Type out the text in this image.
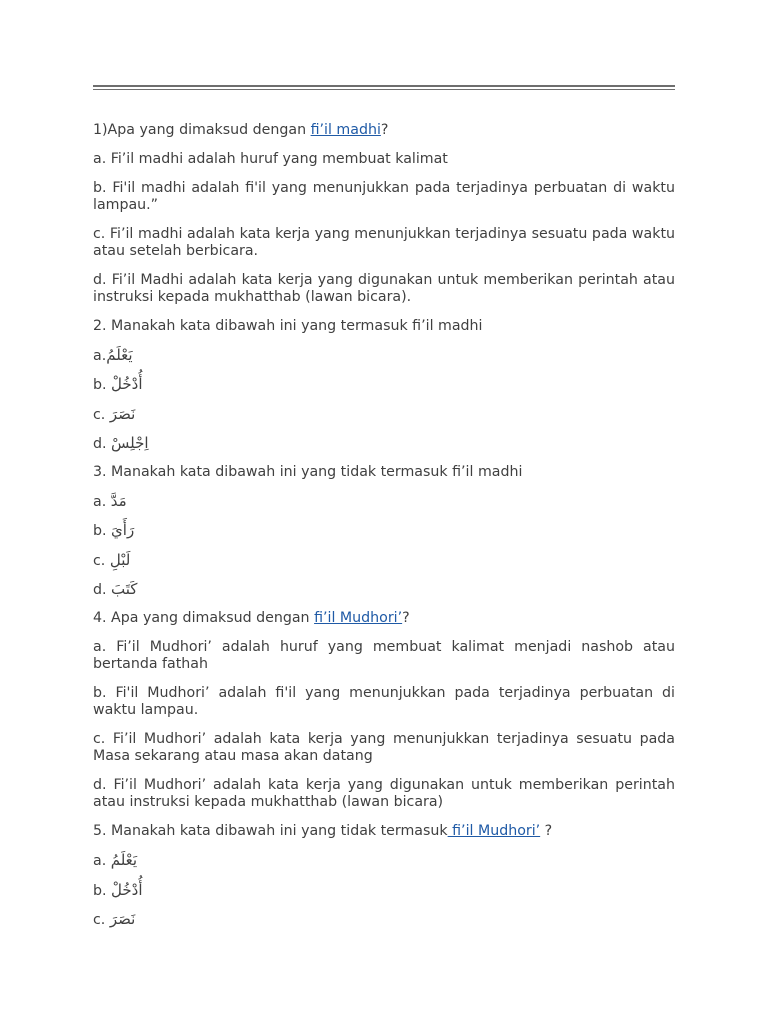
1)Apa yang dimaksud dengan fi’il madhi?

a. Fi’il madhi adalah huruf yang membuat kalimat

b. Fi'il madhi adalah fi'il yang menunjukkan pada terjadinya perbuatan di waktu lampau.”

c. Fi’il madhi adalah kata kerja yang menunjukkan terjadinya sesuatu pada waktu atau setelah berbicara.

d. Fi’il Madhi adalah kata kerja yang digunakan untuk memberikan perintah atau instruksi kepada mukhatthab (lawan bicara).

2. Manakah kata dibawah ini yang termasuk fi’il madhi

a.يَعْلَمُ

b. أُدْخُلْ

c. نَصَرَ

d. اِجْلِسْ

3. Manakah kata dibawah ini yang tidak termasuk fi’il madhi

a. مَدَّ

b. رَأَيَ

c. لَبْلِ

d. كَتَبَ

4. Apa yang dimaksud dengan fi’il Mudhori’?

a. Fi’il Mudhori’ adalah huruf yang membuat kalimat menjadi nashob atau bertanda fathah

b. Fi'il Mudhori’ adalah fi'il yang menunjukkan pada terjadinya perbuatan di waktu lampau.

c. Fi’il Mudhori’ adalah kata kerja yang menunjukkan terjadinya sesuatu pada Masa sekarang atau masa akan datang

d. Fi’il Mudhori’ adalah kata kerja yang digunakan untuk memberikan perintah atau instruksi kepada mukhatthab (lawan bicara)

5. Manakah kata dibawah ini yang tidak termasuk fi’il Mudhori’ ?

a. يَعْلَمُ

b. أُدْخُلْ

c. نَصَرَ
